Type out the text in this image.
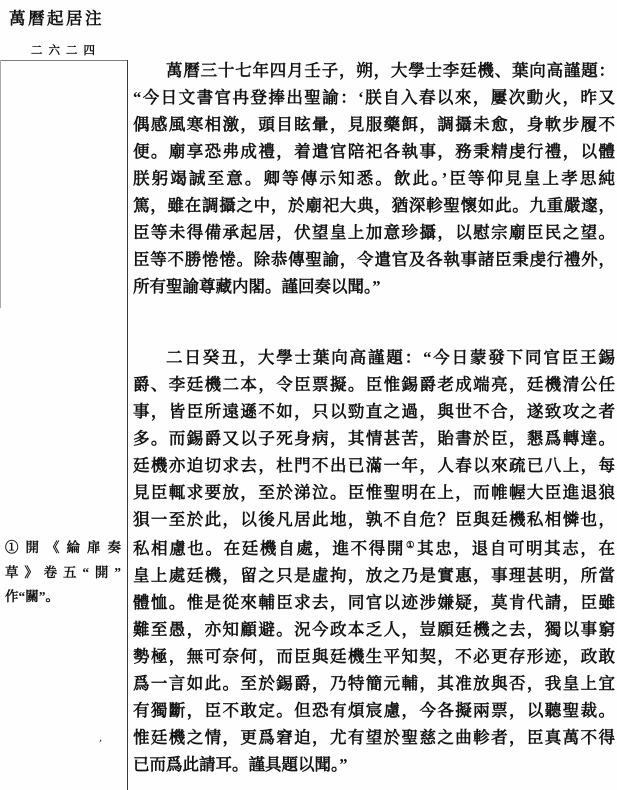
萬曆起居注
二六二四
①開《綸扉奏
草》卷五“開”
作“關”。
萬曆三十七年四月壬子，朔，大學士李廷機、葉向高謹題：
“今日文書官冉登捧出聖諭：‘朕自入春以來，屢次動火，昨又
偶感風寒相激，頭目眩暈，見服藥餌，調攝未愈，身軟步履不
便。廟享恐弗成禮，着遣官陪祀各執事，務秉精虔行禮，以體
朕躬竭誠至意。卿等傳示知悉。飲此。’臣等仰見皇上孝思純
篤，雖在調攝之中，於廟祀大典，猶深軫聖懷如此。九重嚴邃，
臣等未得備承起居，伏望皇上加意珍攝，以慰宗廟臣民之望。
臣等不勝惓惓。除恭傳聖諭，令遣官及各執事諸臣秉虔行禮外，
所有聖諭尊藏内閣。謹回奏以聞。”
二日癸丑，大學士葉向高謹題：“今日蒙發下同官臣王錫
爵、李廷機二本，令臣票擬。臣惟錫爵老成端亮，廷機清公任
事，皆臣所遠遜不如，只以勁直之過，與世不合，遂致攻之者
多。而錫爵又以子死身病，其情甚苦，貽書於臣，懇爲轉達。
廷機亦迫切求去，杜門不出已滿一年，人春以來疏已八上，每
見臣輒求要放，至於涕泣。臣惟聖明在上，而帷幄大臣進退狼
狽一至於此，以後凡居此地，孰不自危？臣與廷機私相憐也，
私相慮也。在廷機自處，進不得開①其忠，退自可明其志，在
皇上處廷機，留之只是虛拘，放之乃是實惠，事理甚明，所當
體恤。惟是從來輔臣求去，同官以迹涉嫌疑，莫肯代請，臣雖
難至愚，亦知顧避。況今政本乏人，豈願廷機之去，獨以事窮
勢極，無可奈何，而臣與廷機生平知契，不必更存形迹，政敢
爲一言如此。至於錫爵，乃特簡元輔，其准放與否，我皇上宜
有獨斷，臣不敢定。但恐有煩宸慮，今各擬兩票，以聽聖裁。
惟廷機之情，更爲窘迫，尤有望於聖慈之曲軫者，臣真萬不得
已而爲此請耳。謹具題以聞。”
’
